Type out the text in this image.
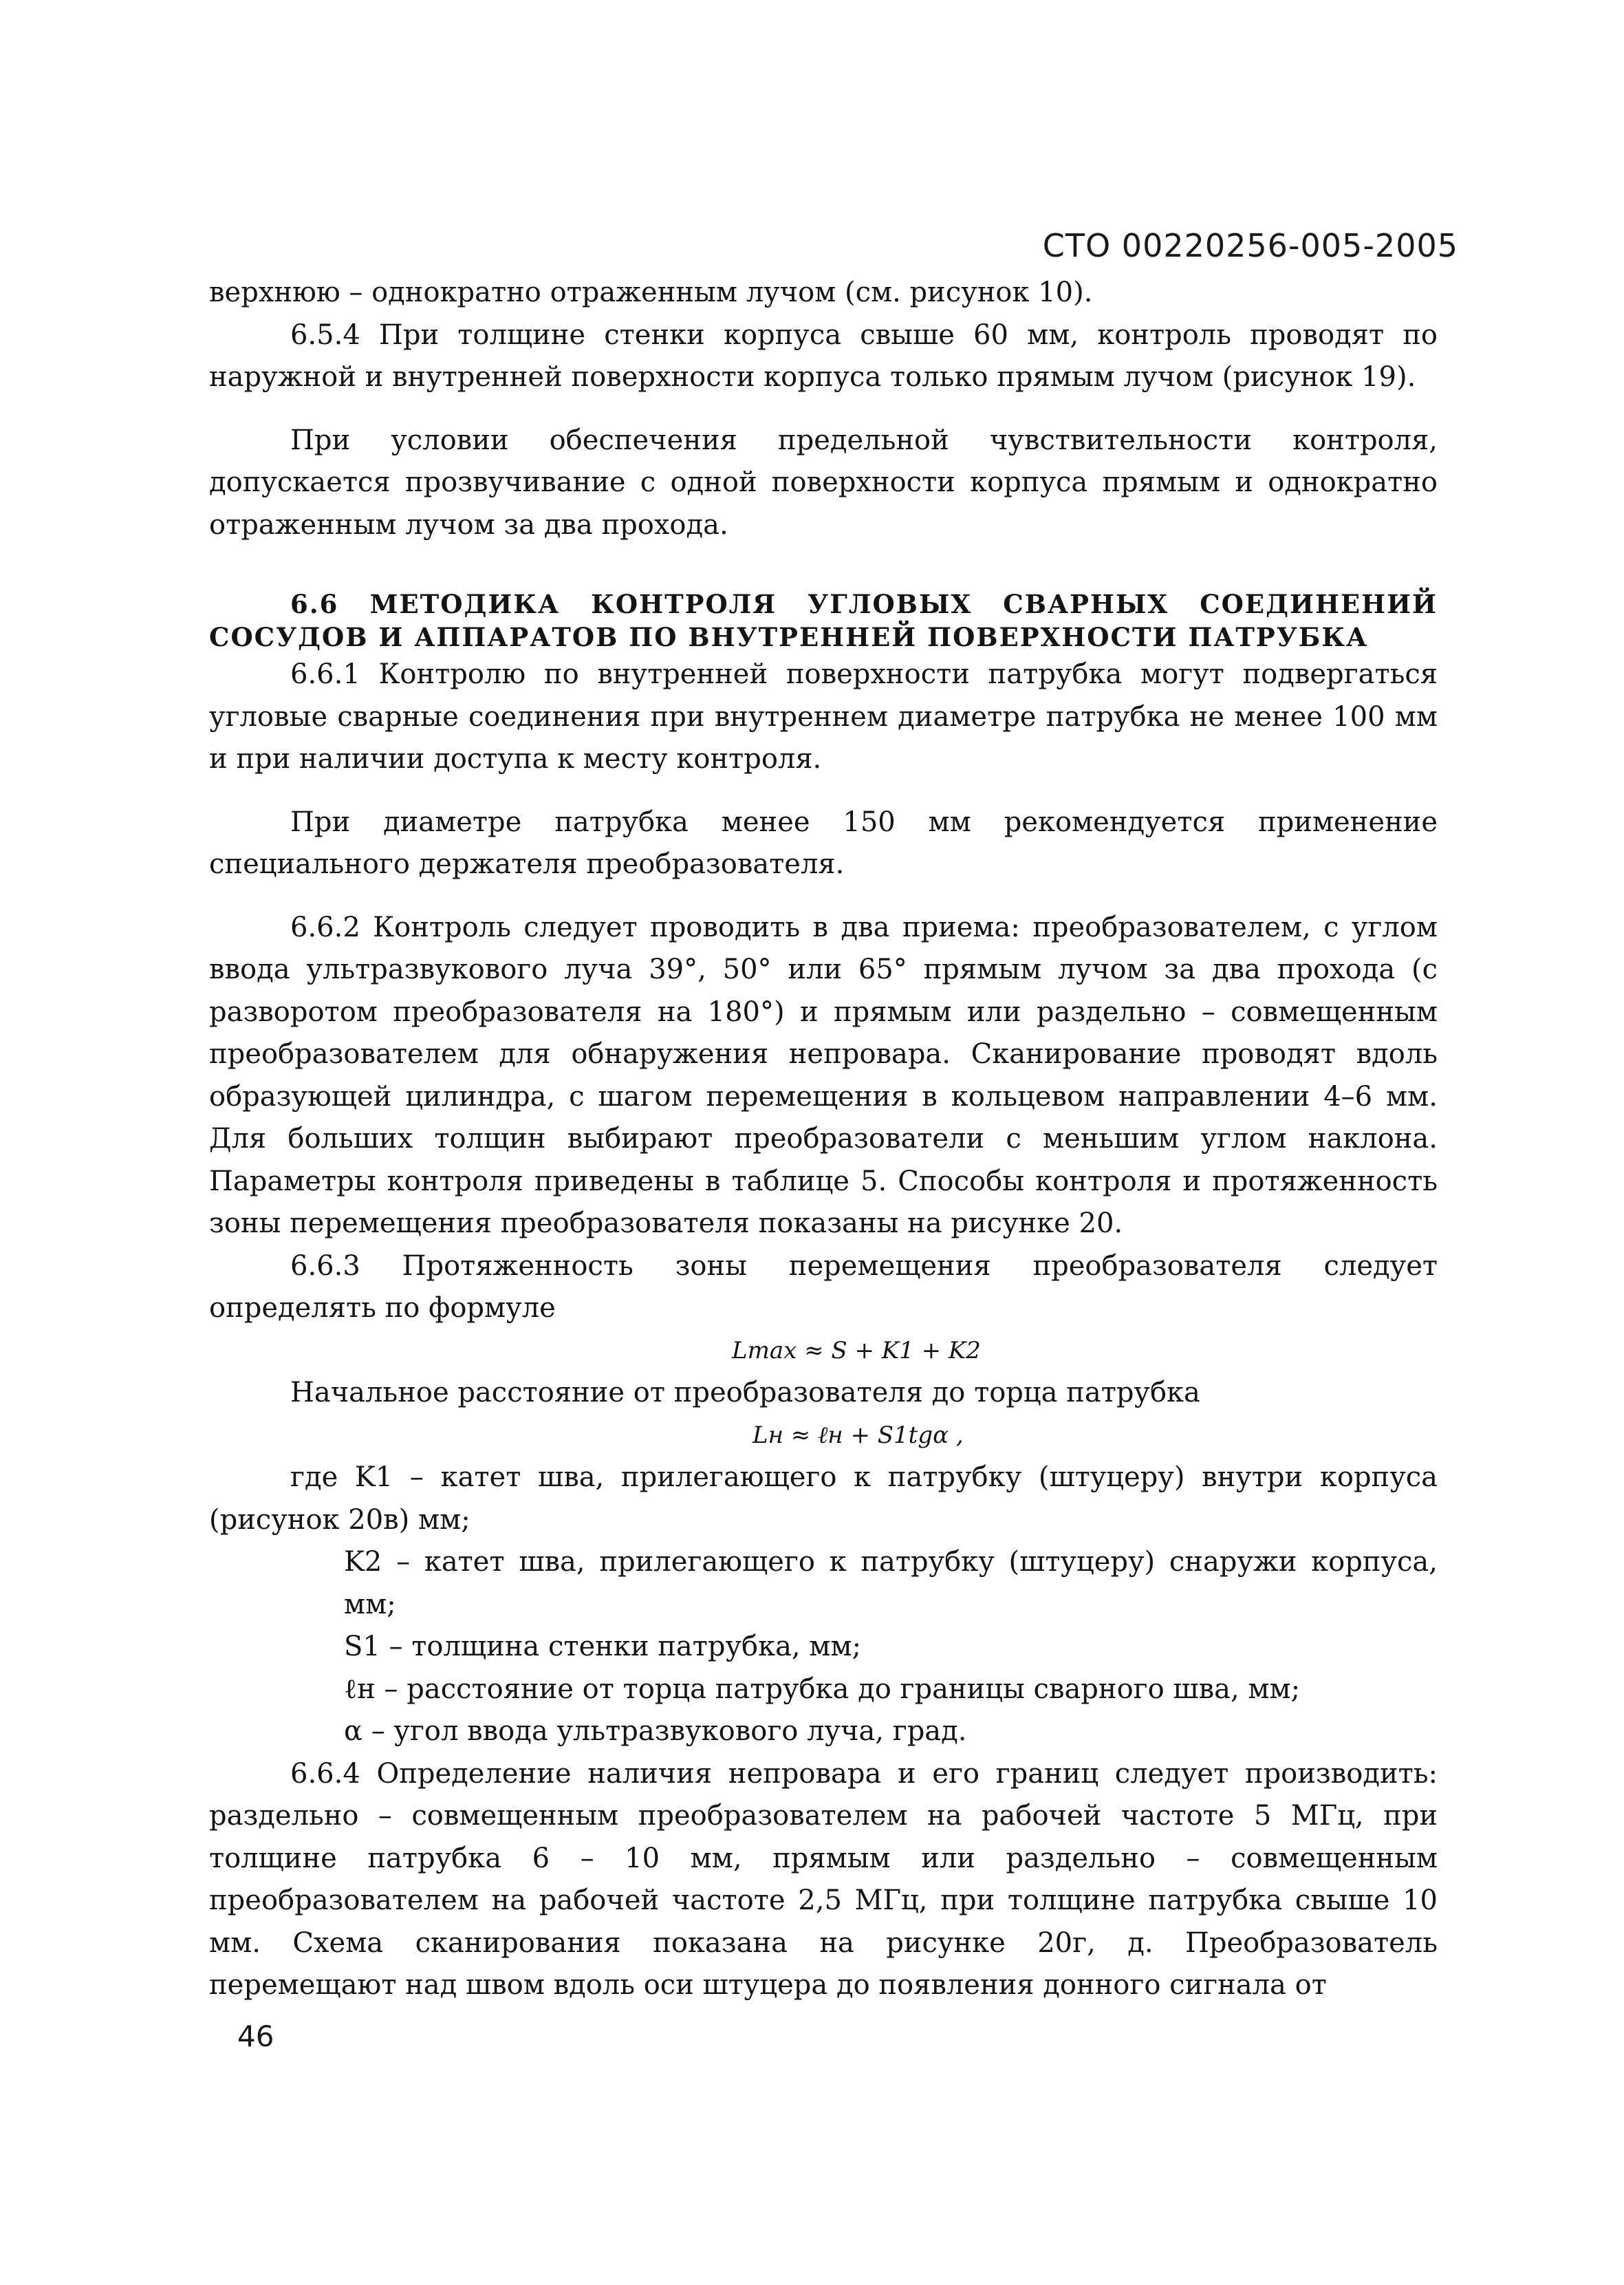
СТО 00220256-005-2005

верхнюю – однократно отраженным лучом (см. рисунок 10).

6.5.4 При толщине стенки корпуса свыше 60 мм, контроль проводят по наружной и внутренней поверхности корпуса только прямым лучом (рисунок 19).

При условии обеспечения предельной чувствительности контроля, допускается прозвучивание с одной поверхности корпуса прямым и однократно отраженным лучом за два прохода.

6.6 МЕТОДИКА КОНТРОЛЯ УГЛОВЫХ СВАРНЫХ СОЕДИНЕНИЙ СОСУДОВ И АППАРАТОВ ПО ВНУТРЕННЕЙ ПОВЕРХНОСТИ ПАТРУБКА

6.6.1 Контролю по внутренней поверхности патрубка могут подвергаться угловые сварные соединения при внутреннем диаметре патрубка не менее 100 мм и при наличии доступа к месту контроля.

При диаметре патрубка менее 150 мм рекомендуется применение специального держателя преобразователя.

6.6.2 Контроль следует проводить в два приема: преобразователем, с углом ввода ультразвукового луча 39°, 50° или 65° прямым лучом за два прохода (с разворотом преобразователя на 180°) и прямым или раздельно – совмещенным преобразователем для обнаружения непровара. Сканирование проводят вдоль образующей цилиндра, с шагом перемещения в кольцевом направлении 4–6 мм. Для больших толщин выбирают преобразователи с меньшим углом наклона. Параметры контроля приведены в таблице 5. Способы контроля и протяженность зоны перемещения преобразователя показаны на рисунке 20.

6.6.3 Протяженность зоны перемещения преобразователя следует определять по формуле

Lmax ≈ S + K1 + K2

Начальное расстояние от преобразователя до торца патрубка

Lн ≈ ℓн + S1tgα ,

где K1 – катет шва, прилегающего к патрубку (штуцеру) внутри корпуса (рисунок 20в) мм;

K2 – катет шва, прилегающего к патрубку (штуцеру) снаружи корпуса, мм;

S1 – толщина стенки патрубка, мм;

ℓн – расстояние от торца патрубка до границы сварного шва, мм;

α – угол ввода ультразвукового луча, град.

6.6.4 Определение наличия непровара и его границ следует производить: раздельно – совмещенным преобразователем на рабочей частоте 5 МГц, при толщине патрубка 6 – 10 мм, прямым или раздельно – совмещенным преобразователем на рабочей частоте 2,5 МГц, при толщине патрубка свыше 10 мм. Схема сканирования показана на рисунке 20г, д. Преобразователь перемещают над швом вдоль оси штуцера до появления донного сигнала от

46
